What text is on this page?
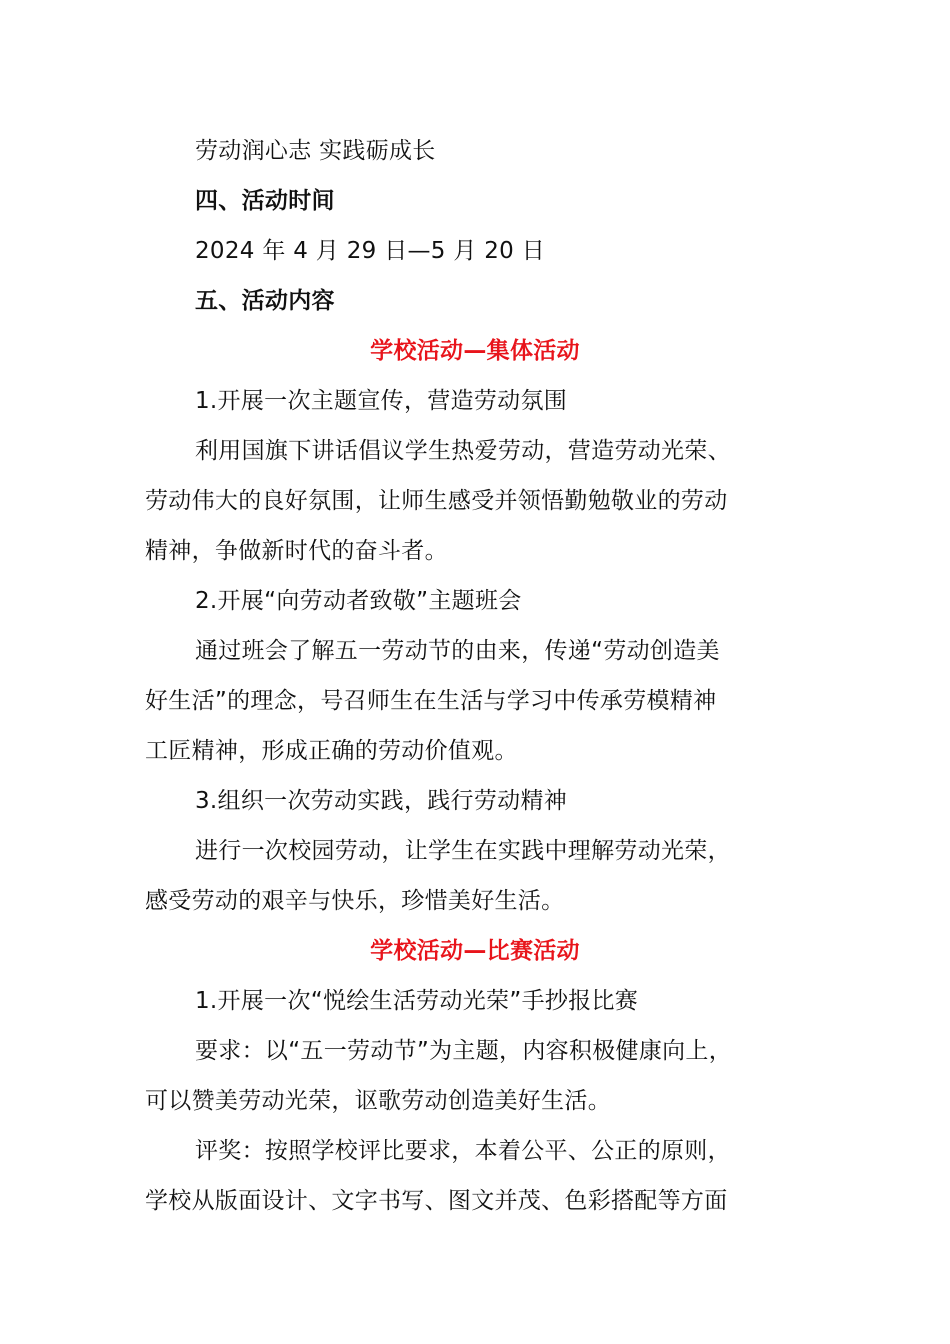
劳动润心志 实践砺成长
四、活动时间
2024 年 4 月 29 日—5 月 20 日
五、活动内容
学校活动—集体活动
1.开展一次主题宣传，营造劳动氛围
利用国旗下讲话倡议学生热爱劳动，营造劳动光荣、
劳动伟大的良好氛围，让师生感受并领悟勤勉敬业的劳动
精神，争做新时代的奋斗者。
2.开展“向劳动者致敬”主题班会
通过班会了解五一劳动节的由来，传递“劳动创造美
好生活”的理念，号召师生在生活与学习中传承劳模精神
工匠精神，形成正确的劳动价值观。
3.组织一次劳动实践，践行劳动精神
进行一次校园劳动，让学生在实践中理解劳动光荣，
感受劳动的艰辛与快乐，珍惜美好生活。
学校活动—比赛活动
1.开展一次“悦绘生活劳动光荣”手抄报比赛
要求：以“五一劳动节”为主题，内容积极健康向上，
可以赞美劳动光荣，讴歌劳动创造美好生活。
评奖：按照学校评比要求，本着公平、公正的原则，
学校从版面设计、文字书写、图文并茂、色彩搭配等方面
